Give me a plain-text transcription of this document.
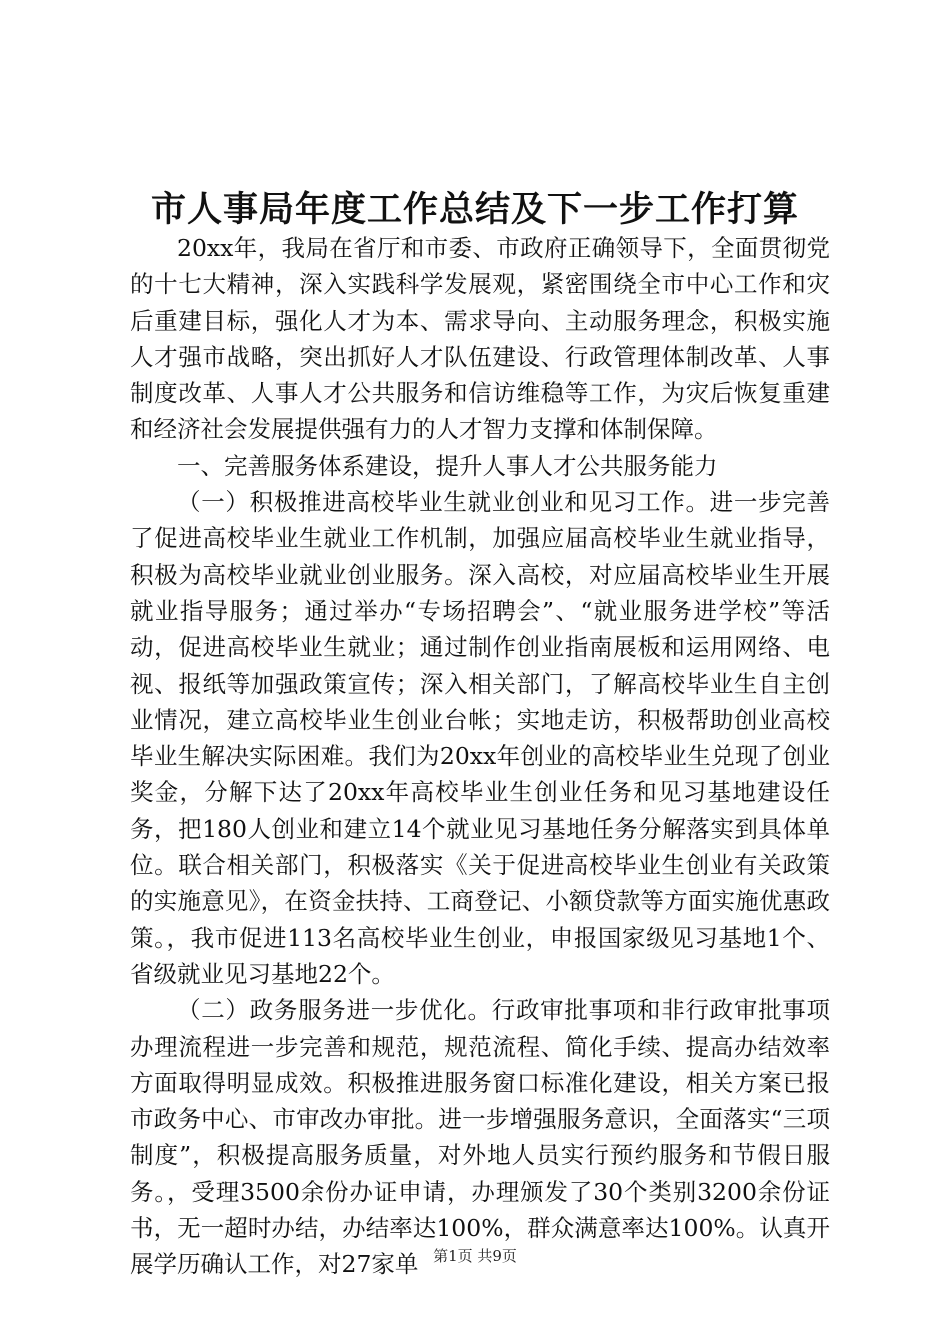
市人事局年度工作总结及下一步工作打算

20xx年，我局在省厅和市委、市政府正确领导下，全面贯彻党的十七大精神，深入实践科学发展观，紧密围绕全市中心工作和灾后重建目标，强化人才为本、需求导向、主动服务理念，积极实施人才强市战略，突出抓好人才队伍建设、行政管理体制改革、人事制度改革、人事人才公共服务和信访维稳等工作，为灾后恢复重建和经济社会发展提供强有力的人才智力支撑和体制保障。

一、完善服务体系建设，提升人事人才公共服务能力

（一）积极推进高校毕业生就业创业和见习工作。进一步完善了促进高校毕业生就业工作机制，加强应届高校毕业生就业指导，积极为高校毕业就业创业服务。深入高校，对应届高校毕业生开展就业指导服务；通过举办“专场招聘会”、“就业服务进学校”等活动，促进高校毕业生就业；通过制作创业指南展板和运用网络、电视、报纸等加强政策宣传；深入相关部门，了解高校毕业生自主创业情况，建立高校毕业生创业台帐；实地走访，积极帮助创业高校毕业生解决实际困难。我们为20xx年创业的高校毕业生兑现了创业奖金，分解下达了20xx年高校毕业生创业任务和见习基地建设任务，把180人创业和建立14个就业见习基地任务分解落实到具体单位。联合相关部门，积极落实《关于促进高校毕业生创业有关政策的实施意见》，在资金扶持、工商登记、小额贷款等方面实施优惠政策。，我市促进113名高校毕业生创业，申报国家级见习基地1个、省级就业见习基地22个。

（二）政务服务进一步优化。行政审批事项和非行政审批事项办理流程进一步完善和规范，规范流程、简化手续、提高办结效率方面取得明显成效。积极推进服务窗口标准化建设，相关方案已报市政务中心、市审改办审批。进一步增强服务意识，全面落实“三项制度”，积极提高服务质量，对外地人员实行预约服务和节假日服务。，受理3500余份办证申请，办理颁发了30个类别3200余份证书，无一超时办结，办结率达100%，群众满意率达100%。认真开展学历确认工作，对27家单 第1页 共9页
